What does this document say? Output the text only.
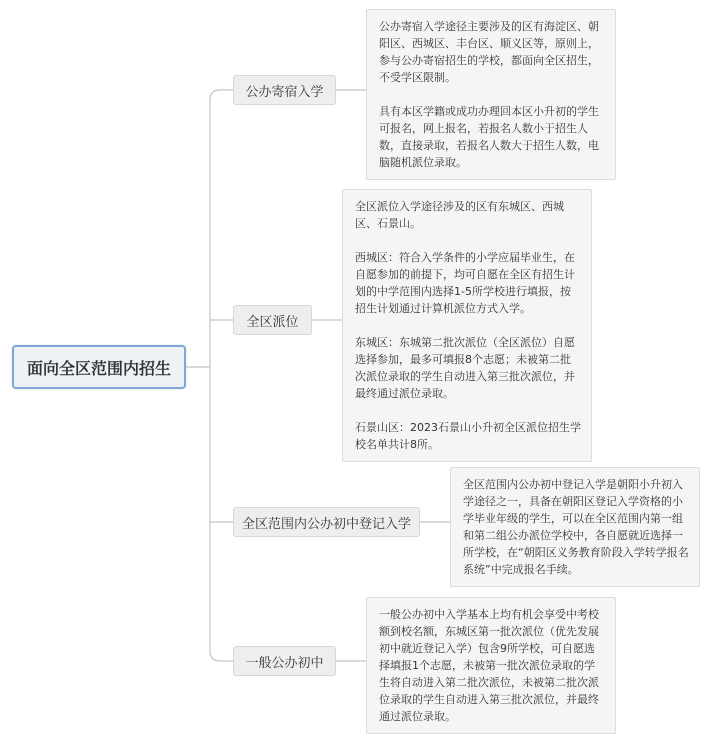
面向全区范围内招生
公办寄宿入学
全区派位
全区范围内公办初中登记入学
一般公办初中

公办寄宿入学途径主要涉及的区有海淀区、朝阳区、西城区、丰台区、顺义区等，原则上，参与公办寄宿招生的学校，都面向全区招生，不受学区限制。

具有本区学籍或成功办理回本区小升初的学生可报名，网上报名，若报名人数小于招生人数，直接录取，若报名人数大于招生人数，电脑随机派位录取。

全区派位入学途径涉及的区有东城区、西城区、石景山。

西城区：符合入学条件的小学应届毕业生，在自愿参加的前提下，均可自愿在全区有招生计划的中学范围内选择1-5所学校进行填报，按招生计划通过计算机派位方式入学。

东城区：东城第二批次派位（全区派位）自愿选择参加，最多可填报8个志愿；未被第二批次派位录取的学生自动进入第三批次派位，并最终通过派位录取。

石景山区：2023石景山小升初全区派位招生学校名单共计8所。

全区范围内公办初中登记入学是朝阳小升初入学途径之一，具备在朝阳区登记入学资格的小学毕业年级的学生，可以在全区范围内第一组和第二组公办派位学校中，各自愿就近选择一所学校，在“朝阳区义务教育阶段入学转学报名系统”中完成报名手续。

一般公办初中入学基本上均有机会享受中考校额到校名额，东城区第一批次派位（优先发展初中就近登记入学）包含9所学校，可自愿选择填报1个志愿，未被第一批次派位录取的学生将自动进入第二批次派位，未被第二批次派位录取的学生自动进入第三批次派位，并最终通过派位录取。
